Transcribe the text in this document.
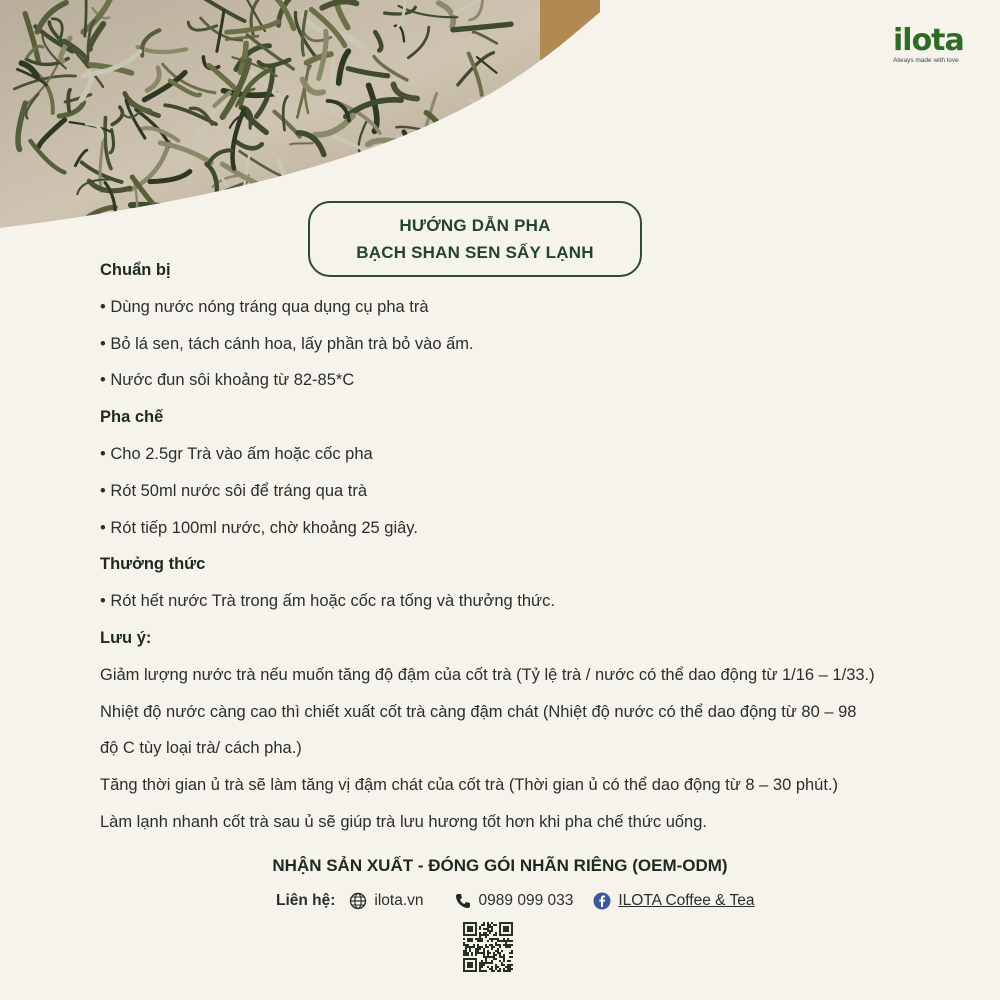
ilota
Always made with love
HƯỚNG DẪN PHA
BẠCH SHAN SEN SẤY LẠNH
Chuẩn bị
• Dùng nước nóng tráng qua dụng cụ pha trà
• Bỏ lá sen, tách cánh hoa, lấy phần trà bỏ vào ấm.
• Nước đun sôi khoảng từ 82-85*C
Pha chế
• Cho 2.5gr Trà vào ấm hoặc cốc pha
• Rót 50ml nước sôi để tráng qua trà
• Rót tiếp 100ml nước, chờ khoảng 25 giây.
Thưởng thức
• Rót hết nước Trà trong ấm hoặc cốc ra tống và thưởng thức.
Lưu ý:
Giảm lượng nước trà nếu muốn tăng độ đậm của cốt trà (Tỷ lệ trà / nước có thể dao động từ 1/16 – 1/33.)
Nhiệt độ nước càng cao thì chiết xuất cốt trà càng đậm chát (Nhiệt độ nước có thể dao động từ 80 – 98
độ C tùy loại trà/ cách pha.)
Tăng thời gian ủ trà sẽ làm tăng vị đậm chát của cốt trà (Thời gian ủ có thể dao động từ 8 – 30 phút.)
Làm lạnh nhanh cốt trà sau ủ sẽ giúp trà lưu hương tốt hơn khi pha chế thức uống.
NHẬN SẢN XUẤT - ĐÓNG GÓI NHÃN RIÊNG (OEM-ODM)
Liên hệ:	ilota.vn	0989 099 033	ILOTA Coffee & Tea
